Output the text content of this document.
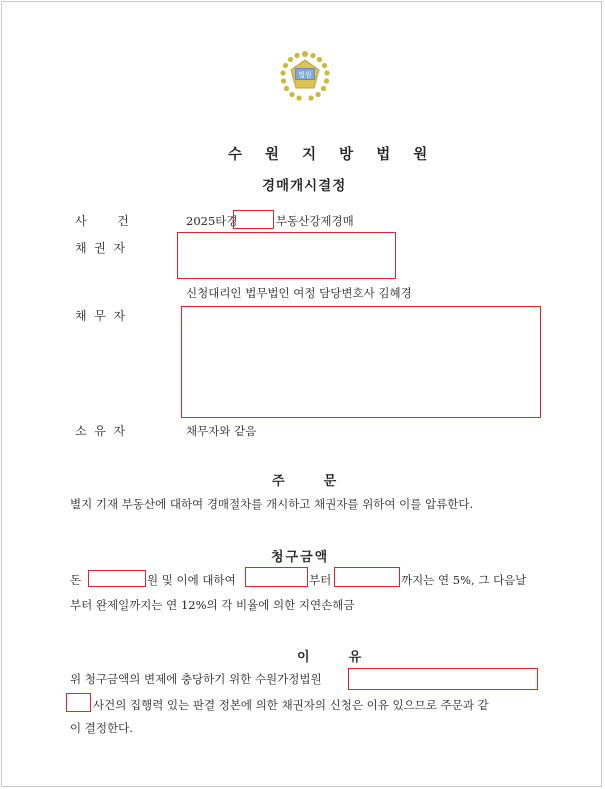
법원
수 원 지 방 법 원
경매개시결정
사        건	2025타경	부동산강제경매
채  권  자
신청대리인 법무법인 여정 담당변호사 김혜경
채  무  자
소  유  자	채무자와 같음
주  문
별지 기재 부동산에 대하여 경매절차를 개시하고 채권자를 위하여 이를 압류한다.
청구금액
돈	원 및 이에 대하여	부터	까지는 연 5%, 그 다음날
부터 완제일까지는 연 12%의 각 비율에 의한 지연손해금
이  유
위 청구금액의 변제에 충당하기 위한 수원가정법원
사건의 집행력 있는 판결 정본에 의한 채권자의 신청은 이유 있으므로 주문과 같
이 결정한다.
